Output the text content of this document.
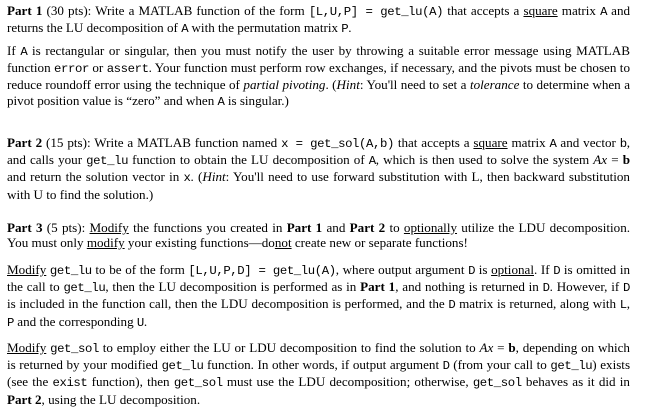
Part 1 (30 pts): Write a MATLAB function of the form [L,U,P] = get_lu(A) that accepts a square matrix A and returns the LU decomposition of A with the permutation matrix P.

If A is rectangular or singular, then you must notify the user by throwing a suitable error message using MATLAB function error or assert. Your function must perform row exchanges, if necessary, and the pivots must be chosen to reduce roundoff error using the technique of partial pivoting. (Hint: You'll need to set a tolerance to determine when a pivot position value is “zero” and when A is singular.)

Part 2 (15 pts): Write a MATLAB function named x = get_sol(A,b) that accepts a square matrix A and vector b, and calls your get_lu function to obtain the LU decomposition of A, which is then used to solve the system Ax = b and return the solution vector in x. (Hint: You'll need to use forward substitution with L, then backward substitution with U to find the solution.)

Part 3 (5 pts): Modify the functions you created in Part 1 and Part 2 to optionally utilize the LDU decomposition. You must only modify your existing functions—donot create new or separate functions!

Modify get_lu to be of the form [L,U,P,D] = get_lu(A), where output argument D is optional. If D is omitted in the call to get_lu, then the LU decomposition is performed as in Part 1, and nothing is returned in D. However, if D is included in the function call, then the LDU decomposition is performed, and the D matrix is returned, along with L, P and the corresponding U.

Modify get_sol to employ either the LU or LDU decomposition to find the solution to Ax = b, depending on which is returned by your modified get_lu function. In other words, if output argument D (from your call to get_lu) exists (see the exist function), then get_sol must use the LDU decomposition; otherwise, get_sol behaves as it did in Part 2, using the LU decomposition.
